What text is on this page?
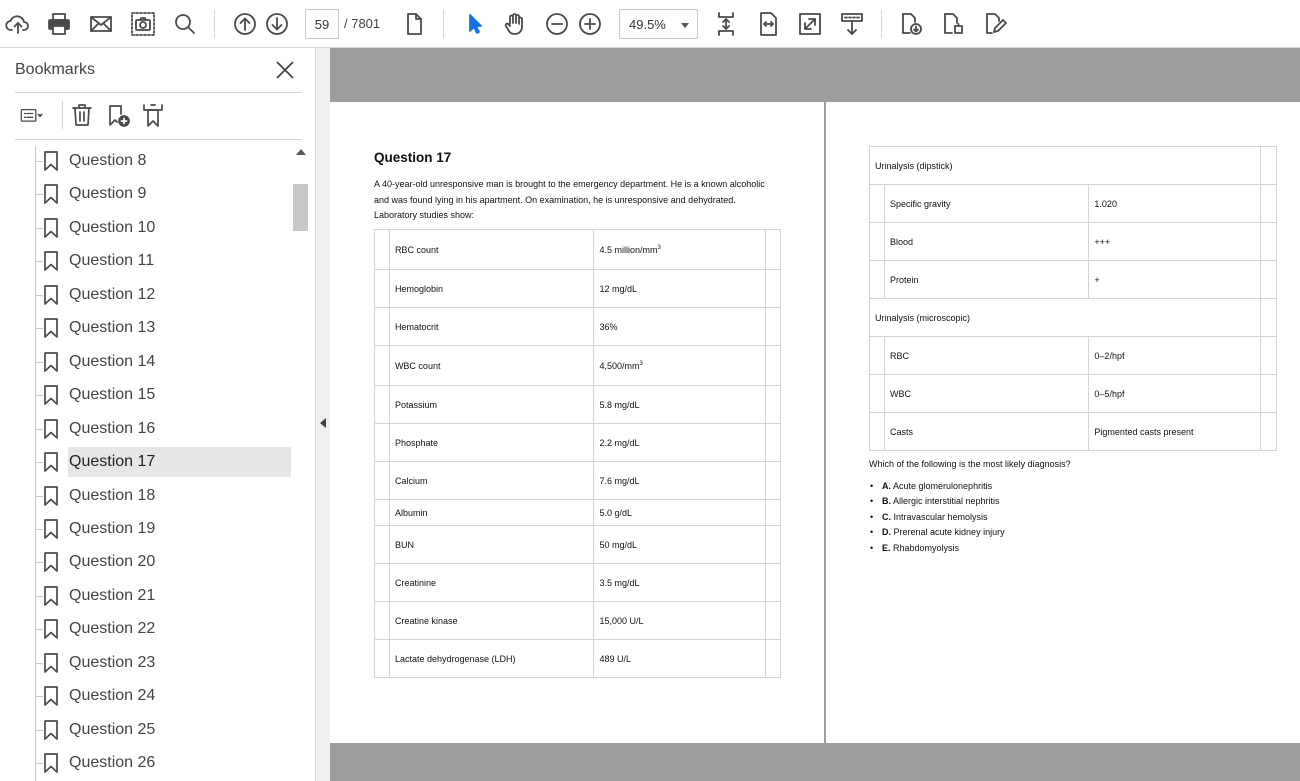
59
/ 7801	49.5%
Bookmarks
Question 8
Question 9
Question 10
Question 11
Question 12
Question 13
Question 14
Question 15
Question 16
Question 17
Question 18
Question 19
Question 20
Question 21
Question 22
Question 23
Question 24
Question 25
Question 26
Question 17
A 40-year-old unresponsive man is brought to the emergency department. He is a known alcoholic and was found lying in his apartment. On examination, he is unresponsive and dehydrated. Laboratory studies show:
	RBC count	4.5 million/$mm^3$	
	Hemoglobin	12 mg/dL	
	Hematocrit	36%	
	WBC count	$4,500/mm^3$	
	Potassium	5.8 mg/dL	
	Phosphate	2.2 mg/dL	
	Calcium	7.6 mg/dL	
	Albumin	5.0 g/dL	
	BUN	50 mg/dL	
	Creatinine	3.5 mg/dL	
	Creatine kinase	15,000 U/L	
	Lactate dehydrogenase (LDH)	489 U/L	
Urinalysis (dipstick)			
	Specific gravity	1.020	
	Blood	+++	
	Protein	+	
Urinalysis (microscopic)			
	RBC	0–2/hpf	
	WBC	0–5/hpf	
	Casts	Pigmented casts present	
Which of the following is the most likely diagnosis?
• A. Acute glomerulonephritis
• B. Allergic interstitial nephritis
• C. Intravascular hemolysis
• D. Prerenal acute kidney injury
• E. Rhabdomyolysis
